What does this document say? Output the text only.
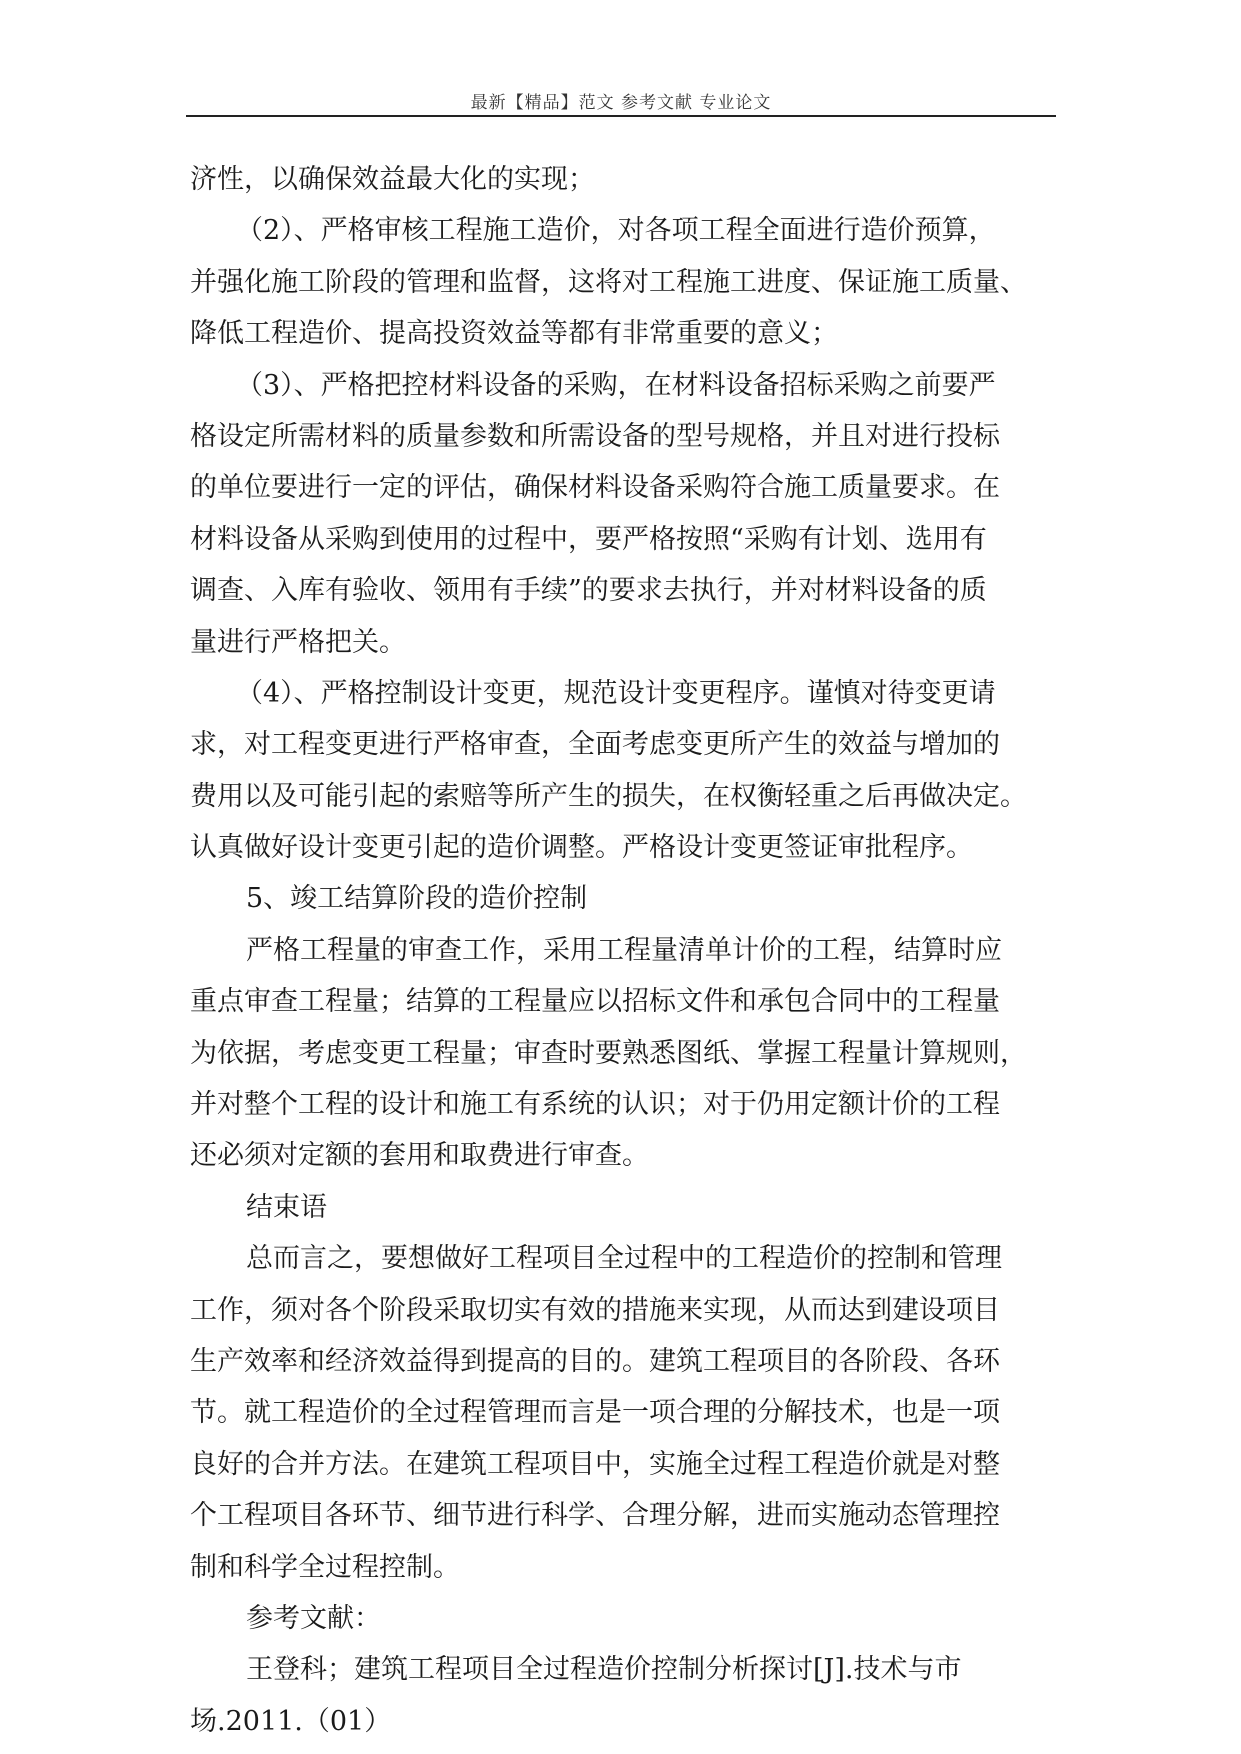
最新【精品】范文 参考文献 专业论文
济性，以确保效益最大化的实现；
（2）、严格审核工程施工造价，对各项工程全面进行造价预算，
并强化施工阶段的管理和监督，这将对工程施工进度、保证施工质量、
降低工程造价、提高投资效益等都有非常重要的意义；
（3）、严格把控材料设备的采购，在材料设备招标采购之前要严
格设定所需材料的质量参数和所需设备的型号规格，并且对进行投标
的单位要进行一定的评估，确保材料设备采购符合施工质量要求。在
材料设备从采购到使用的过程中，要严格按照“采购有计划、选用有
调查、入库有验收、领用有手续”的要求去执行，并对材料设备的质
量进行严格把关。
（4）、严格控制设计变更，规范设计变更程序。谨慎对待变更请
求，对工程变更进行严格审查，全面考虑变更所产生的效益与增加的
费用以及可能引起的索赔等所产生的损失，在权衡轻重之后再做决定。
认真做好设计变更引起的造价调整。严格设计变更签证审批程序。
5、竣工结算阶段的造价控制
严格工程量的审查工作，采用工程量清单计价的工程，结算时应
重点审查工程量；结算的工程量应以招标文件和承包合同中的工程量
为依据，考虑变更工程量；审查时要熟悉图纸、掌握工程量计算规则，
并对整个工程的设计和施工有系统的认识；对于仍用定额计价的工程
还必须对定额的套用和取费进行审查。
结束语
总而言之，要想做好工程项目全过程中的工程造价的控制和管理
工作，须对各个阶段采取切实有效的措施来实现，从而达到建设项目
生产效率和经济效益得到提高的目的。建筑工程项目的各阶段、各环
节。就工程造价的全过程管理而言是一项合理的分解技术，也是一项
良好的合并方法。在建筑工程项目中，实施全过程工程造价就是对整
个工程项目各环节、细节进行科学、合理分解，进而实施动态管理控
制和科学全过程控制。
参考文献：
王登科；建筑工程项目全过程造价控制分析探讨[J].技术与市
场.2011.（01）
